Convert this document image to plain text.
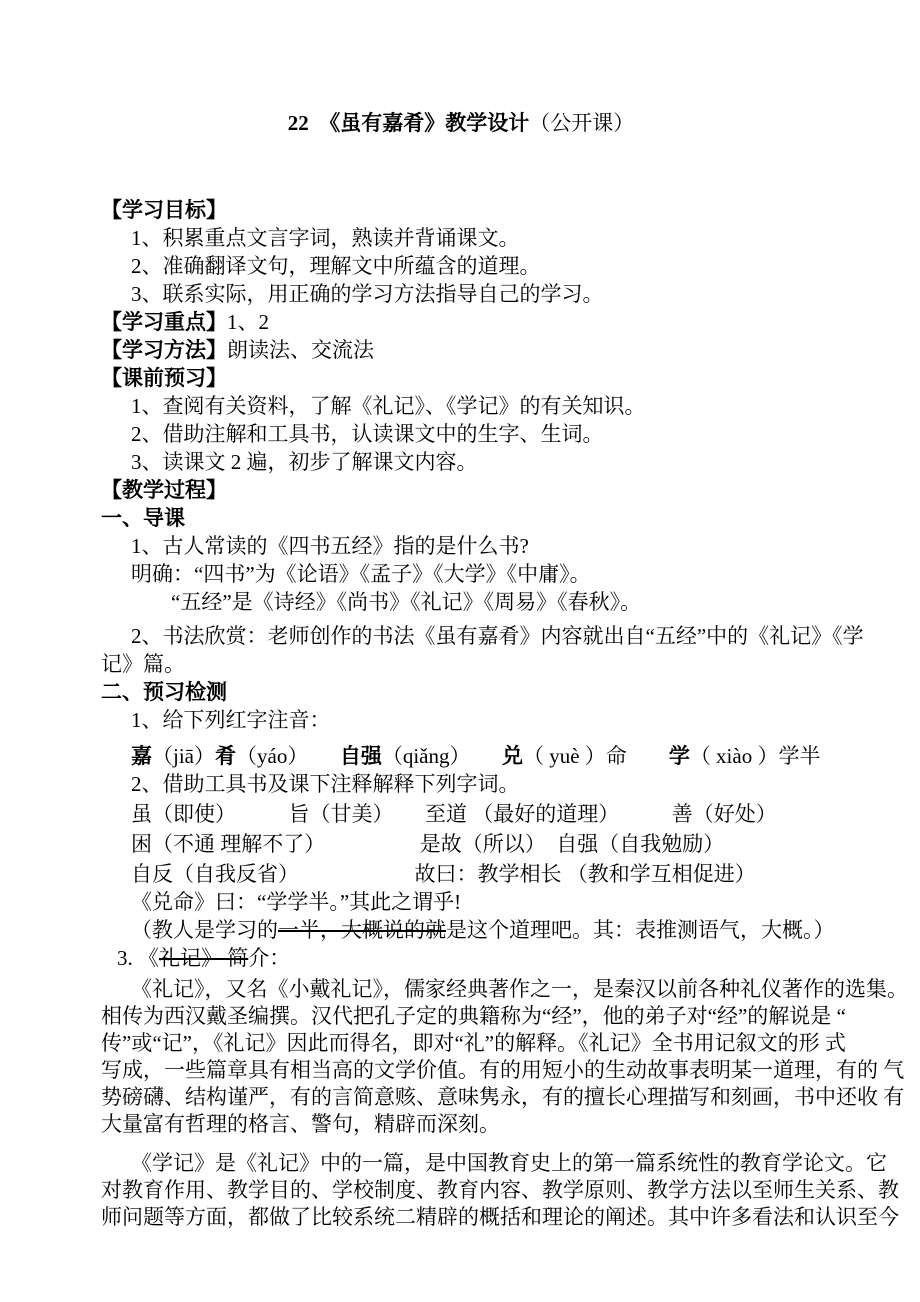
22　《虽有嘉肴》教学设计（公开课）
【学习目标】
1、积累重点文言字词，熟读并背诵课文。
2、准确翻译文句，理解文中所蕴含的道理。
3、联系实际，用正确的学习方法指导自己的学习。
【学习重点】1、2
【学习方法】朗读法、交流法
【课前预习】
1、查阅有关资料，了解《礼记》、《学记》的有关知识。
2、借助注解和工具书，认读课文中的生字、生词。
3、读课文 2 遍，初步了解课文内容。
【教学过程】
一、导课
1、古人常读的《四书五经》指的是什么书?
明确：“四书”为《论语》《孟子》《大学》《中庸》。
“五经”是《诗经》《尚书》《礼记》《周易》《春秋》。
2、书法欣赏：老师创作的书法《虽有嘉肴》内容就出自“五经”中的《礼记》《学
记》篇。
二、预习检测
1、给下列红字注音：
嘉（jiā）肴（yáo）　　自强（qiǎng）　　兑（ yuè ）命　　学（ xiào ）学半
2、借助工具书及课下注释解释下列字词。
虽（即使）　　　旨（甘美）　　至道 （最好的道理）　　　善（好处）
困（不通 理解不了）　　　　　是故（所以）　自强（自我勉励）
自反（自我反省）　　　　　　故曰：教学相长 （教和学互相促进）
《兑命》曰：“学学半。”其此之谓乎!
（教人是学习的一半，大概说的就是这个道理吧。其：表推测语气，大概。）
3. 《礼记》 简介：
《礼记》，又名《小戴礼记》，儒家经典著作之一，是秦汉以前各种礼仪著作的选集。
相传为西汉戴圣编撰。汉代把孔子定的典籍称为“经”，他的弟子对“经”的解说是 “
传”或“记”，《礼记》因此而得名，即对“礼”的解释。《礼记》全书用记叙文的形 式
写成，一些篇章具有相当高的文学价值。有的用短小的生动故事表明某一道理，有的 气
势磅礴、结构谨严，有的言简意赅、意味隽永，有的擅长心理描写和刻画，书中还收 有
大量富有哲理的格言、警句，精辟而深刻。
《学记》是《礼记》中的一篇，是中国教育史上的第一篇系统性的教育学论文。它
对教育作用、教学目的、学校制度、教育内容、教学原则、教学方法以至师生关系、教
师问题等方面，都做了比较系统二精辟的概括和理论的阐述。其中许多看法和认识至今
